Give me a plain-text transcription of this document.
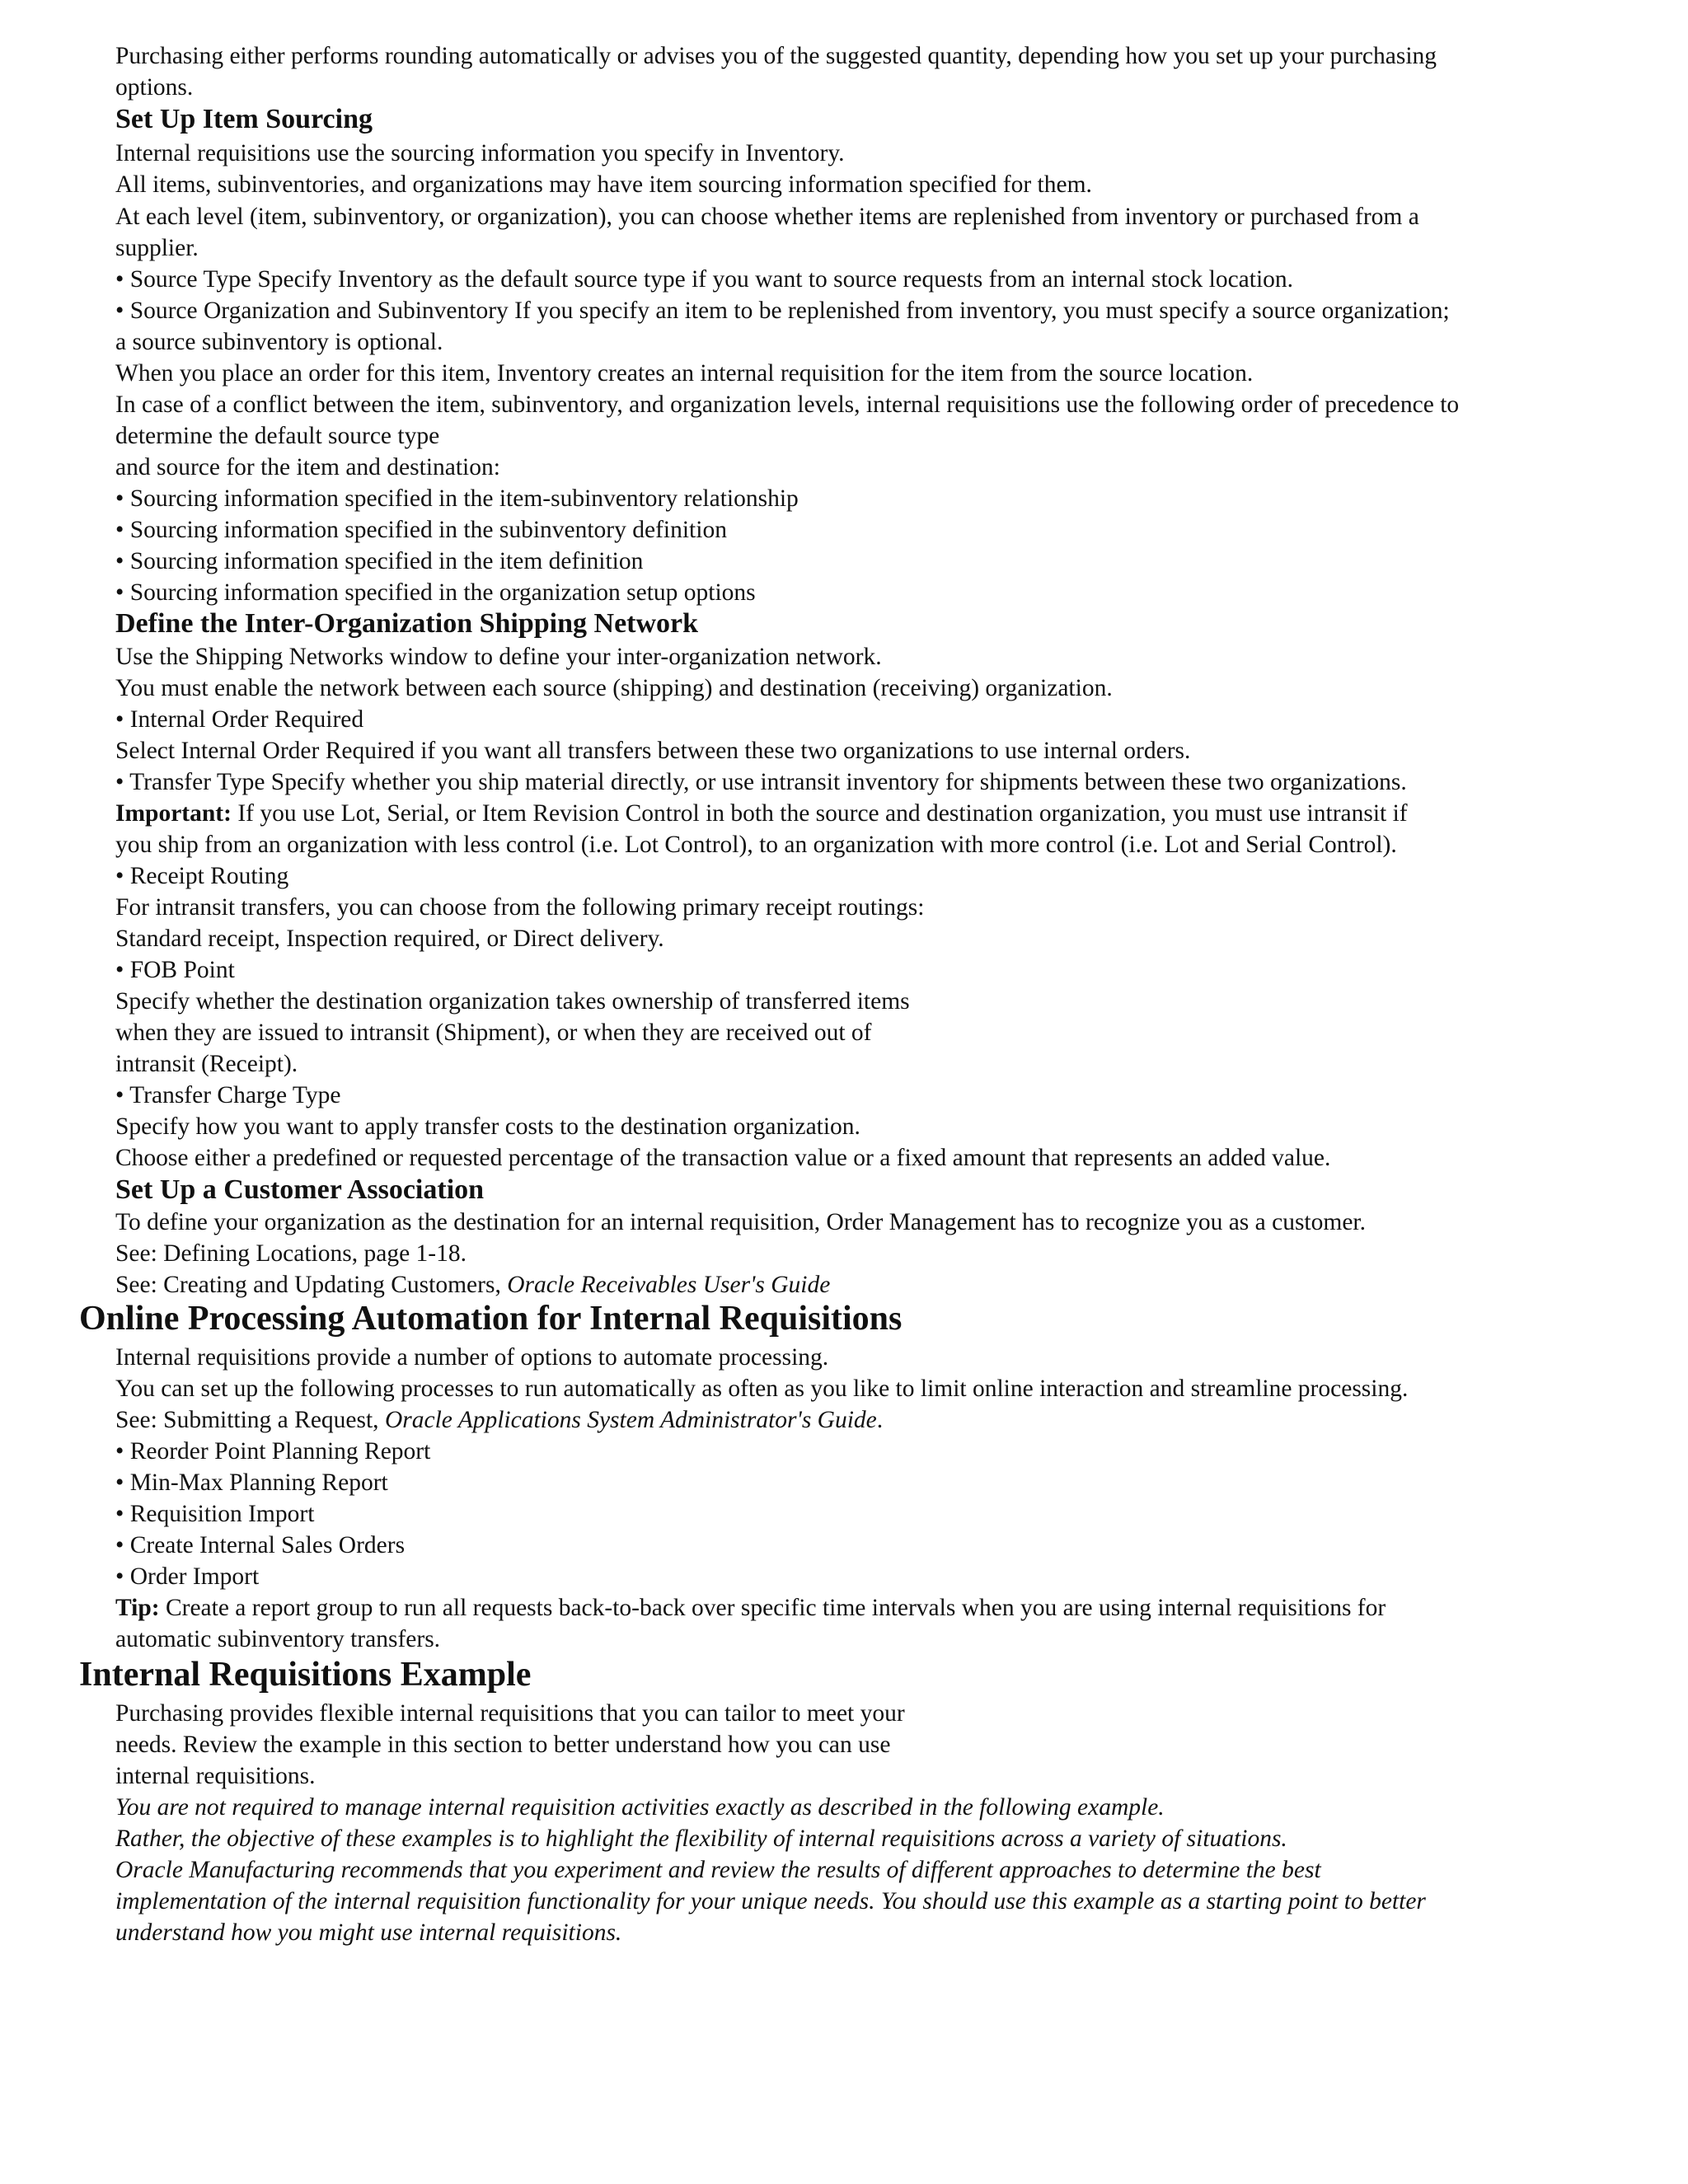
Purchasing either performs rounding automatically or advises you of the suggested quantity, depending how you set up your purchasing

options.

Set Up Item Sourcing

Internal requisitions use the sourcing information you specify in Inventory.

All items, subinventories, and organizations may have item sourcing information specified for them.

At each level (item, subinventory, or organization), you can choose whether items are replenished from inventory or purchased from a

supplier.

• Source Type Specify Inventory as the default source type if you want to source requests from an internal stock location.

• Source Organization and Subinventory If you specify an item to be replenished from inventory, you must specify a source organization;

a source subinventory is optional.

When you place an order for this item, Inventory creates an internal requisition for the item from the source location.

In case of a conflict between the item, subinventory, and organization levels, internal requisitions use the following order of precedence to

determine the default source type

and source for the item and destination:

• Sourcing information specified in the item-subinventory relationship

• Sourcing information specified in the subinventory definition

• Sourcing information specified in the item definition

• Sourcing information specified in the organization setup options

Define the Inter-Organization Shipping Network

Use the Shipping Networks window to define your inter-organization network.

You must enable the network between each source (shipping) and destination (receiving) organization.

• Internal Order Required

Select Internal Order Required if you want all transfers between these two organizations to use internal orders.

• Transfer Type Specify whether you ship material directly, or use intransit inventory for shipments between these two organizations.

Important: If you use Lot, Serial, or Item Revision Control in both the source and destination organization, you must use intransit if

you ship from an organization with less control (i.e. Lot Control), to an organization with more control (i.e. Lot and Serial Control).

• Receipt Routing

For intransit transfers, you can choose from the following primary receipt routings:

Standard receipt, Inspection required, or Direct delivery.

• FOB Point

Specify whether the destination organization takes ownership of transferred items

when they are issued to intransit (Shipment), or when they are received out of

intransit (Receipt).

• Transfer Charge Type

Specify how you want to apply transfer costs to the destination organization.

Choose either a predefined or requested percentage of the transaction value or a fixed amount that represents an added value.

Set Up a Customer Association

To define your organization as the destination for an internal requisition, Order Management has to recognize you as a customer.

See: Defining Locations, page 1-18.

See: Creating and Updating Customers, Oracle Receivables User's Guide

Online Processing Automation for Internal Requisitions

Internal requisitions provide a number of options to automate processing.

You can set up the following processes to run automatically as often as you like to limit online interaction and streamline processing.

See: Submitting a Request, Oracle Applications System Administrator's Guide.

• Reorder Point Planning Report

• Min-Max Planning Report

• Requisition Import

• Create Internal Sales Orders

• Order Import

Tip: Create a report group to run all requests back-to-back over specific time intervals when you are using internal requisitions for

automatic subinventory transfers.

Internal Requisitions Example

Purchasing provides flexible internal requisitions that you can tailor to meet your

needs. Review the example in this section to better understand how you can use

internal requisitions.

You are not required to manage internal requisition activities exactly as described in the following example.

Rather, the objective of these examples is to highlight the flexibility of internal requisitions across a variety of situations.

Oracle Manufacturing recommends that you experiment and review the results of different approaches to determine the best

implementation of the internal requisition functionality for your unique needs. You should use this example as a starting point to better

understand how you might use internal requisitions.
